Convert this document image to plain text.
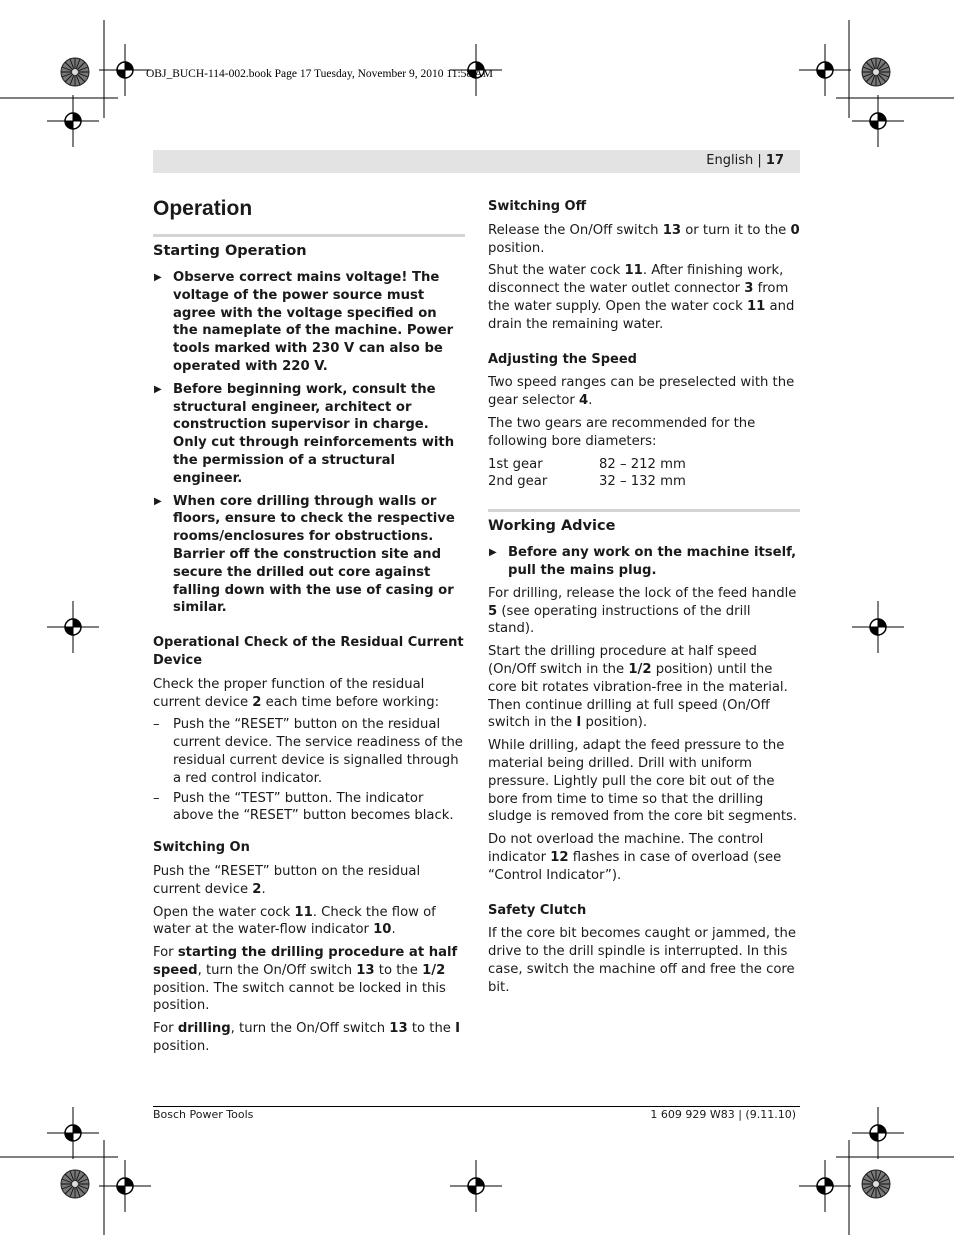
OBJ_BUCH-114-002.book Page 17 Tuesday, November 9, 2010 11:58 AM
English | 17
Operation
Starting Operation
▶ Observe correct mains voltage! The voltage of the power source must agree with the voltage specified on the nameplate of the machine. Power tools marked with 230 V can also be operated with 220 V.
▶ Before beginning work, consult the structural engineer, architect or construction supervisor in charge. Only cut through reinforcements with the permission of a structural engineer.
▶ When core drilling through walls or floors, ensure to check the respective rooms/enclosures for obstructions. Barrier off the construction site and secure the drilled out core against falling down with the use of casing or similar.
Operational Check of the Residual Current Device

Check the proper function of the residual current device 2 each time before working:

– Push the “RESET” button on the residual current device. The service readiness of the residual current device is signalled through a red control indicator.
– Push the “TEST” button. The indicator above the “RESET” button becomes black.
Switching On

Push the “RESET” button on the residual current device 2.

Open the water cock 11. Check the flow of water at the water-flow indicator 10.

For starting the drilling procedure at half speed, turn the On/Off switch 13 to the 1/2 position. The switch cannot be locked in this position.

For drilling, turn the On/Off switch 13 to the I position.

Switching Off

Release the On/Off switch 13 or turn it to the 0 position.

Shut the water cock 11. After finishing work, disconnect the water outlet connector 3 from the water supply. Open the water cock 11 and drain the remaining water.

Adjusting the Speed

Two speed ranges can be preselected with the gear selector 4.

The two gears are recommended for the following bore diameters:

1st gear	82 – 212 mm
2nd gear	32 – 132 mm
Working Advice
▶ Before any work on the machine itself, pull the mains plug.

For drilling, release the lock of the feed handle 5 (see operating instructions of the drill stand).

Start the drilling procedure at half speed (On/Off switch in the 1/2 position) until the core bit rotates vibration-free in the material. Then continue drilling at full speed (On/Off switch in the I position).

While drilling, adapt the feed pressure to the material being drilled. Drill with uniform pressure. Lightly pull the core bit out of the bore from time to time so that the drilling sludge is removed from the core bit segments.

Do not overload the machine. The control indicator 12 flashes in case of overload (see “Control Indicator”).

Safety Clutch

If the core bit becomes caught or jammed, the drive to the drill spindle is interrupted. In this case, switch the machine off and free the core bit.

Bosch Power Tools	1 609 929 W83 | (9.11.10)
